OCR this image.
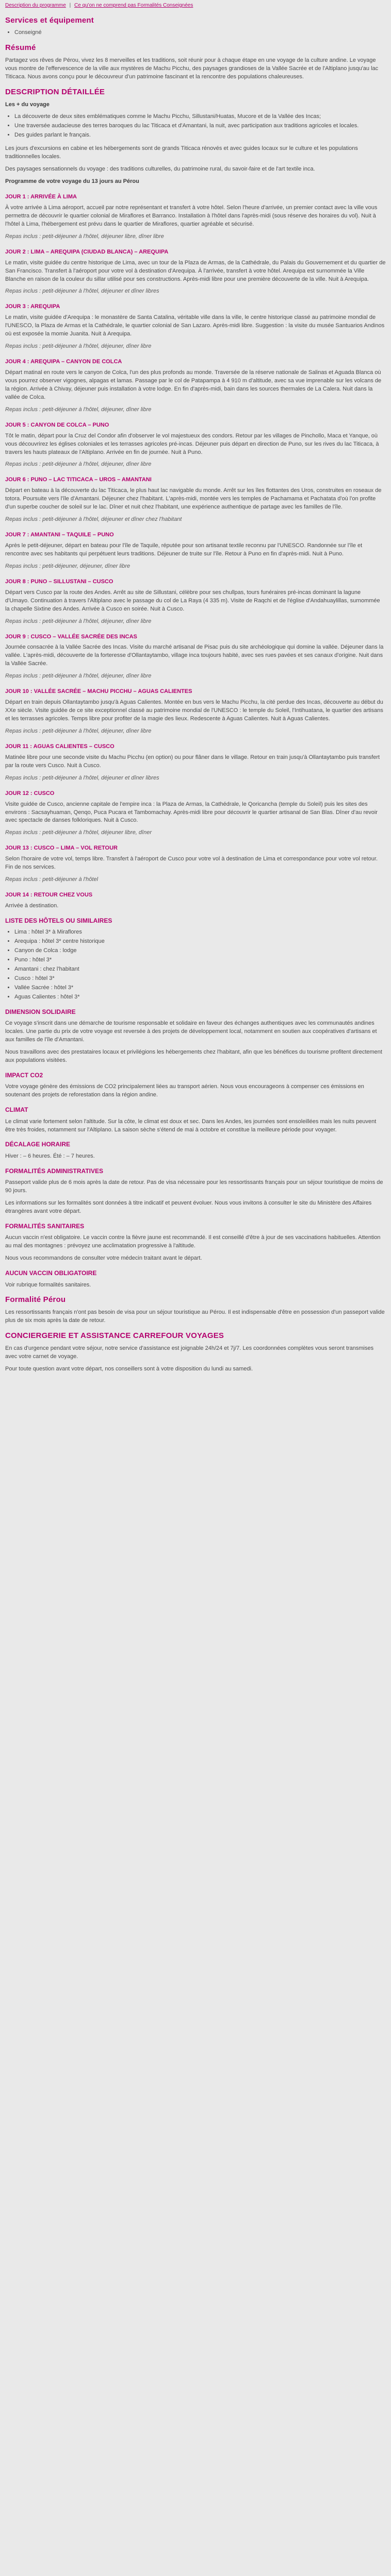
Description du programme | Ce qu'on ne comprend pas Formalités Conseignées
Services et équipement
• Conseigné
Résumé

Partagez vos rêves de Pérou, vivez les 8 merveilles et les traditions, soit réunir pour à chaque étape en une voyage de la culture andine. Le voyage vous montre de l'effervescence de la ville aux mystères de Machu Picchu, des paysages grandioses de la Vallée Sacrée et de l'Altiplano jusqu'au lac Titicaca. Nous avons conçu pour le découvreur d'un patrimoine fascinant et la rencontre des populations chaleureuses.

DESCRIPTION DÉTAILLÉE

Les + du voyage

• La découverte de deux sites emblématiques comme le Machu Picchu, Sillustani/Huatas, Mucore et de la Vallée des Incas;
• Une traversée audacieuse des terres baroques du lac Titicaca et d'Amantani, la nuit, avec participation aux traditions agricoles et locales.
• Des guides parlant le français.

Les jours d'excursions en cabine et les hébergements sont de grands Titicaca rénovés et avec guides locaux sur le culture et les populations traditionnelles locales.

Des paysages sensationnels du voyage : des traditions culturelles, du patrimoine rural, du savoir-faire et de l'art textile inca.

Programme de votre voyage du 13 jours au Pérou

JOUR 1 : ARRIVÉE À LIMA

À votre arrivée à Lima aéroport, accueil par notre représentant et transfert à votre hôtel. Selon l'heure d'arrivée, un premier contact avec la ville vous permettra de découvrir le quartier colonial de Miraflores et Barranco. Installation à l'hôtel dans l'après-midi (sous réserve des horaires du vol). Nuit à l'hôtel à Lima, l'hébergement est prévu dans le quartier de Miraflores, quartier agréable et sécurisé.

Repas inclus : petit-déjeuner à l'hôtel, déjeuner libre, dîner libre

JOUR 2 : LIMA – AREQUIPA (CIUDAD BLANCA) – AREQUIPA

Le matin, visite guidée du centre historique de Lima, avec un tour de la Plaza de Armas, de la Cathédrale, du Palais du Gouvernement et du quartier de San Francisco. Transfert à l'aéroport pour votre vol à destination d'Arequipa. À l'arrivée, transfert à votre hôtel. Arequipa est surnommée la Ville Blanche en raison de la couleur du sillar utilisé pour ses constructions. Après-midi libre pour une première découverte de la ville. Nuit à Arequipa.

Repas inclus : petit-déjeuner à l'hôtel, déjeuner et dîner libres

JOUR 3 : AREQUIPA

Le matin, visite guidée d'Arequipa : le monastère de Santa Catalina, véritable ville dans la ville, le centre historique classé au patrimoine mondial de l'UNESCO, la Plaza de Armas et la Cathédrale, le quartier colonial de San Lazaro. Après-midi libre. Suggestion : la visite du musée Santuarios Andinos où est exposée la momie Juanita. Nuit à Arequipa.

Repas inclus : petit-déjeuner à l'hôtel, déjeuner, dîner libre

JOUR 4 : AREQUIPA – CANYON DE COLCA

Départ matinal en route vers le canyon de Colca, l'un des plus profonds au monde. Traversée de la réserve nationale de Salinas et Aguada Blanca où vous pourrez observer vigognes, alpagas et lamas. Passage par le col de Patapampa à 4 910 m d'altitude, avec sa vue imprenable sur les volcans de la région. Arrivée à Chivay, déjeuner puis installation à votre lodge. En fin d'après-midi, bain dans les sources thermales de La Calera. Nuit dans la vallée de Colca.

Repas inclus : petit-déjeuner à l'hôtel, déjeuner, dîner libre

JOUR 5 : CANYON DE COLCA – PUNO

Tôt le matin, départ pour la Cruz del Condor afin d'observer le vol majestueux des condors. Retour par les villages de Pinchollo, Maca et Yanque, où vous découvrirez les églises coloniales et les terrasses agricoles pré-incas. Déjeuner puis départ en direction de Puno, sur les rives du lac Titicaca, à travers les hauts plateaux de l'Altiplano. Arrivée en fin de journée. Nuit à Puno.

Repas inclus : petit-déjeuner à l'hôtel, déjeuner, dîner libre

JOUR 6 : PUNO – LAC TITICACA – UROS – AMANTANI

Départ en bateau à la découverte du lac Titicaca, le plus haut lac navigable du monde. Arrêt sur les îles flottantes des Uros, construites en roseaux de totora. Poursuite vers l'île d'Amantani. Déjeuner chez l'habitant. L'après-midi, montée vers les temples de Pachamama et Pachatata d'où l'on profite d'un superbe coucher de soleil sur le lac. Dîner et nuit chez l'habitant, une expérience authentique de partage avec les familles de l'île.

Repas inclus : petit-déjeuner à l'hôtel, déjeuner et dîner chez l'habitant

JOUR 7 : AMANTANI – TAQUILE – PUNO

Après le petit-déjeuner, départ en bateau pour l'île de Taquile, réputée pour son artisanat textile reconnu par l'UNESCO. Randonnée sur l'île et rencontre avec ses habitants qui perpétuent leurs traditions. Déjeuner de truite sur l'île. Retour à Puno en fin d'après-midi. Nuit à Puno.

Repas inclus : petit-déjeuner, déjeuner, dîner libre

JOUR 8 : PUNO – SILLUSTANI – CUSCO

Départ vers Cusco par la route des Andes. Arrêt au site de Sillustani, célèbre pour ses chullpas, tours funéraires pré-incas dominant la lagune d'Umayo. Continuation à travers l'Altiplano avec le passage du col de La Raya (4 335 m). Visite de Raqchi et de l'église d'Andahuaylillas, surnommée la chapelle Sixtine des Andes. Arrivée à Cusco en soirée. Nuit à Cusco.

Repas inclus : petit-déjeuner à l'hôtel, déjeuner, dîner libre

JOUR 9 : CUSCO – VALLÉE SACRÉE DES INCAS

Journée consacrée à la Vallée Sacrée des Incas. Visite du marché artisanal de Pisac puis du site archéologique qui domine la vallée. Déjeuner dans la vallée. L'après-midi, découverte de la forteresse d'Ollantaytambo, village inca toujours habité, avec ses rues pavées et ses canaux d'origine. Nuit dans la Vallée Sacrée.

Repas inclus : petit-déjeuner à l'hôtel, déjeuner, dîner libre

JOUR 10 : VALLÉE SACRÉE – MACHU PICCHU – AGUAS CALIENTES

Départ en train depuis Ollantaytambo jusqu'à Aguas Calientes. Montée en bus vers le Machu Picchu, la cité perdue des Incas, découverte au début du XXe siècle. Visite guidée de ce site exceptionnel classé au patrimoine mondial de l'UNESCO : le temple du Soleil, l'Intihuatana, le quartier des artisans et les terrasses agricoles. Temps libre pour profiter de la magie des lieux. Redescente à Aguas Calientes. Nuit à Aguas Calientes.

Repas inclus : petit-déjeuner à l'hôtel, déjeuner, dîner libre

JOUR 11 : AGUAS CALIENTES – CUSCO

Matinée libre pour une seconde visite du Machu Picchu (en option) ou pour flâner dans le village. Retour en train jusqu'à Ollantaytambo puis transfert par la route vers Cusco. Nuit à Cusco.

Repas inclus : petit-déjeuner à l'hôtel, déjeuner et dîner libres

JOUR 12 : CUSCO

Visite guidée de Cusco, ancienne capitale de l'empire inca : la Plaza de Armas, la Cathédrale, le Qoricancha (temple du Soleil) puis les sites des environs : Sacsayhuaman, Qenqo, Puca Pucara et Tambomachay. Après-midi libre pour découvrir le quartier artisanal de San Blas. Dîner d'au revoir avec spectacle de danses folkloriques. Nuit à Cusco.

Repas inclus : petit-déjeuner à l'hôtel, déjeuner libre, dîner

JOUR 13 : CUSCO – LIMA – VOL RETOUR

Selon l'horaire de votre vol, temps libre. Transfert à l'aéroport de Cusco pour votre vol à destination de Lima et correspondance pour votre vol retour. Fin de nos services.

Repas inclus : petit-déjeuner à l'hôtel

JOUR 14 : RETOUR CHEZ VOUS

Arrivée à destination.

LISTE DES HÔTELS OU SIMILAIRES
• Lima : hôtel 3* à Miraflores
• Arequipa : hôtel 3* centre historique
• Canyon de Colca : lodge
• Puno : hôtel 3*
• Amantani : chez l'habitant
• Cusco : hôtel 3*
• Vallée Sacrée : hôtel 3*
• Aguas Calientes : hôtel 3*
DIMENSION SOLIDAIRE

Ce voyage s'inscrit dans une démarche de tourisme responsable et solidaire en faveur des échanges authentiques avec les communautés andines locales. Une partie du prix de votre voyage est reversée à des projets de développement local, notamment en soutien aux coopératives d'artisans et aux familles de l'île d'Amantani.

Nous travaillons avec des prestataires locaux et privilégions les hébergements chez l'habitant, afin que les bénéfices du tourisme profitent directement aux populations visitées.

IMPACT CO2

Votre voyage génère des émissions de CO2 principalement liées au transport aérien. Nous vous encourageons à compenser ces émissions en soutenant des projets de reforestation dans la région andine.

CLIMAT

Le climat varie fortement selon l'altitude. Sur la côte, le climat est doux et sec. Dans les Andes, les journées sont ensoleillées mais les nuits peuvent être très froides, notamment sur l'Altiplano. La saison sèche s'étend de mai à octobre et constitue la meilleure période pour voyager.

DÉCALAGE HORAIRE

Hiver : – 6 heures. Été : – 7 heures.

FORMALITÉS ADMINISTRATIVES

Passeport valide plus de 6 mois après la date de retour. Pas de visa nécessaire pour les ressortissants français pour un séjour touristique de moins de 90 jours.

Les informations sur les formalités sont données à titre indicatif et peuvent évoluer. Nous vous invitons à consulter le site du Ministère des Affaires étrangères avant votre départ.

FORMALITÉS SANITAIRES

Aucun vaccin n'est obligatoire. Le vaccin contre la fièvre jaune est recommandé. Il est conseillé d'être à jour de ses vaccinations habituelles. Attention au mal des montagnes : prévoyez une acclimatation progressive à l'altitude.

Nous vous recommandons de consulter votre médecin traitant avant le départ.

AUCUN VACCIN OBLIGATOIRE

Voir rubrique formalités sanitaires.

Formalité Pérou

Les ressortissants français n'ont pas besoin de visa pour un séjour touristique au Pérou. Il est indispensable d'être en possession d'un passeport valide plus de six mois après la date de retour.

CONCIERGERIE ET ASSISTANCE CARREFOUR VOYAGES

En cas d'urgence pendant votre séjour, notre service d'assistance est joignable 24h/24 et 7j/7. Les coordonnées complètes vous seront transmises avec votre carnet de voyage.

Pour toute question avant votre départ, nos conseillers sont à votre disposition du lundi au samedi.
